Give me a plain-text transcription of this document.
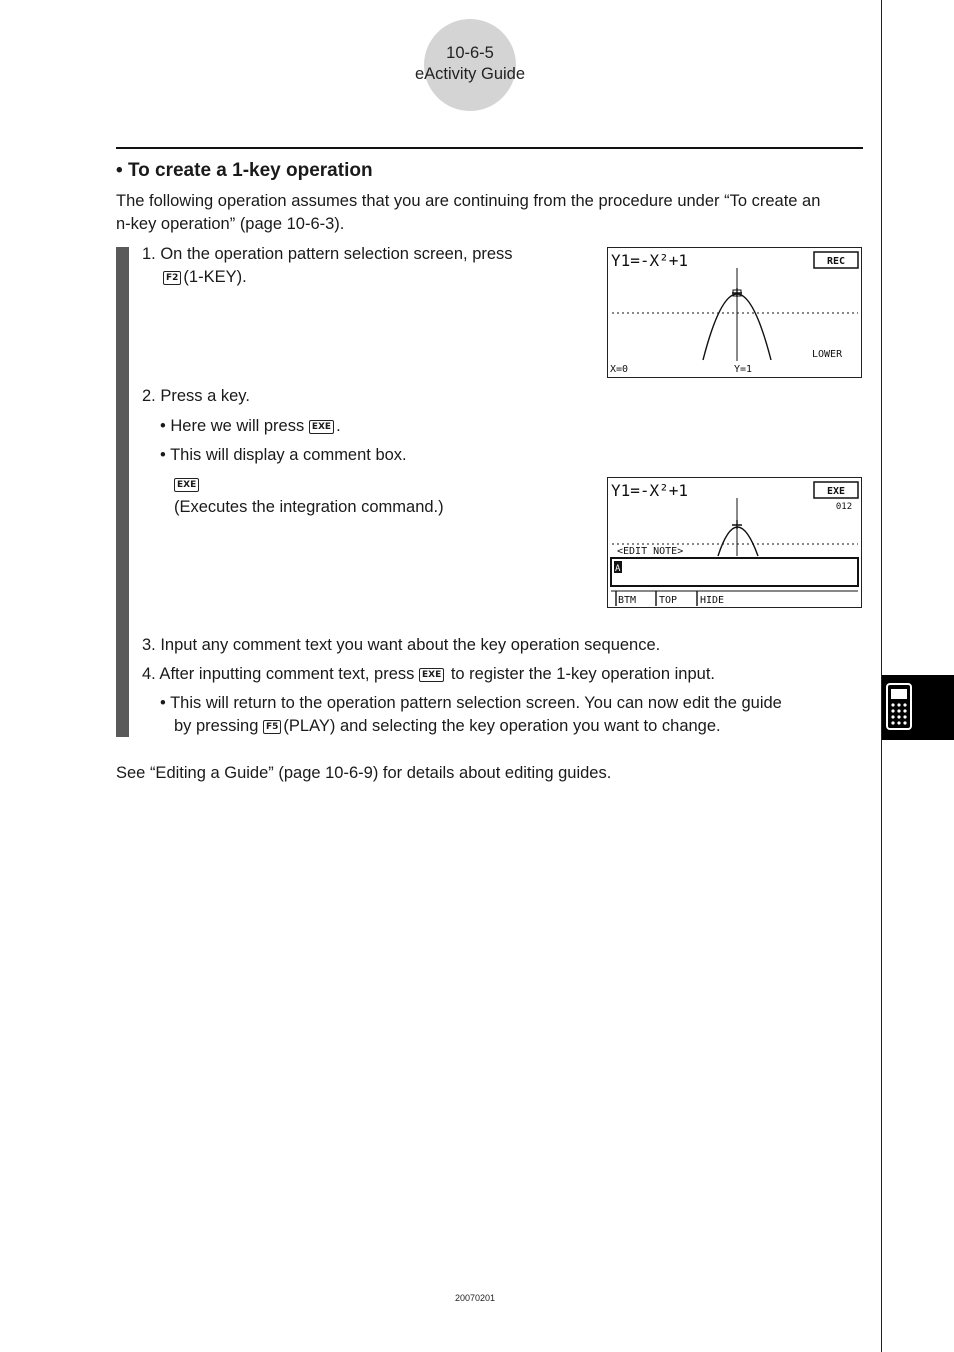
10-6-5
eActivity Guide
• To create a 1-key operation
The following operation assumes that you are continuing from the procedure under “To create an n-key operation” (page 10-6-3).
1. On the operation pattern selection screen, press
F2 (1-KEY).
Y1=-X²+1	REC
LOWER
X=0	Y=1
2. Press a key.
• Here we will press EXE .
• This will display a comment box.
EXE
(Executes the integration command.)
Y1=-X²+1	EXE
012
<EDIT NOTE>
A
BTM TOP HIDE
3. Input any comment text you want about the key operation sequence.
4. After inputting comment text, press EXE to register the 1-key operation input.
• This will return to the operation pattern selection screen. You can now edit the guide
by pressing F5 (PLAY) and selecting the key operation you want to change.
See “Editing a Guide” (page 10-6-9) for details about editing guides.
20070201
